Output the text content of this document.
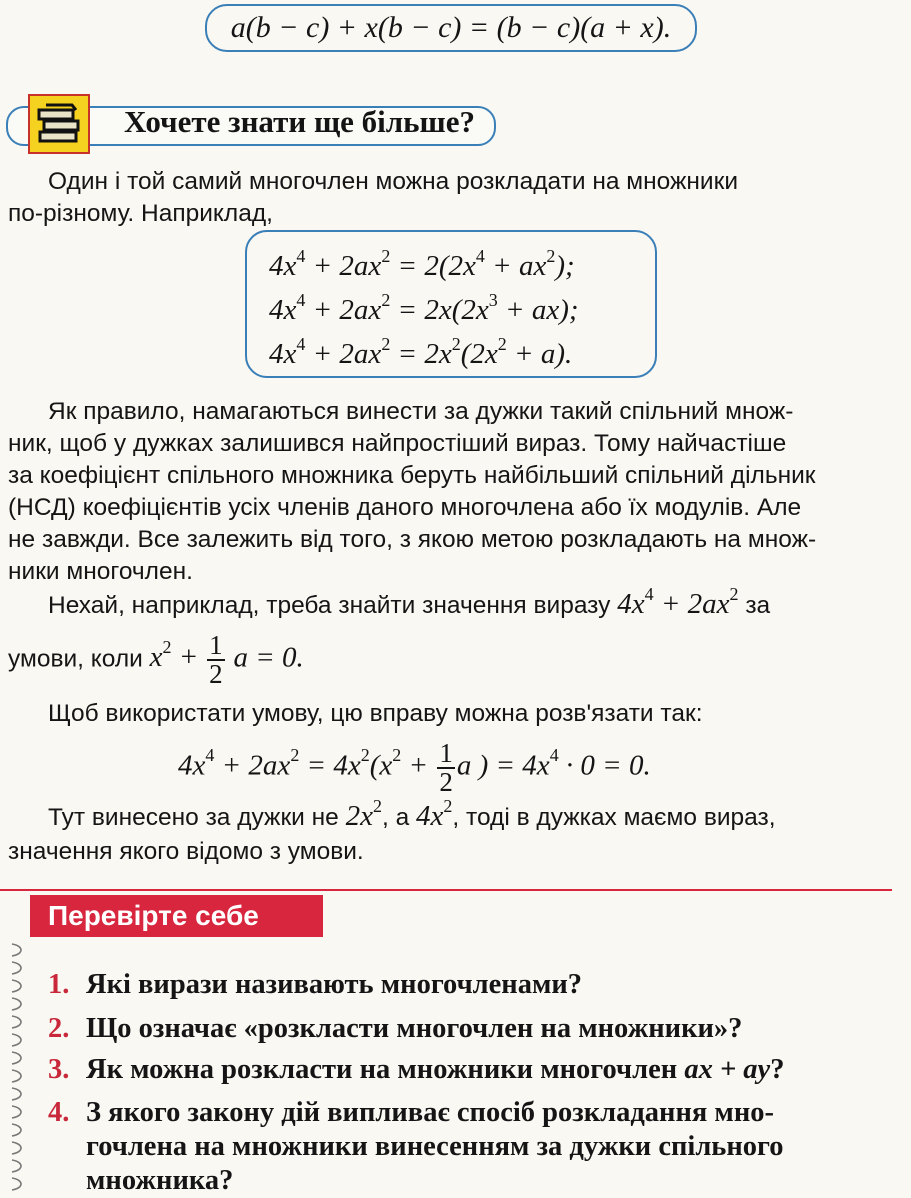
a(b − c) + x(b − c) = (b − c)(a + x).
Хочете знати ще більше?
Один і той самий многочлен можна розкладати на множники
по-різному. Наприклад,
$4x^4 + 2ax^2 = 2(2x^4 + ax^2)$;
$4x^4 + 2ax^2 = 2x(2x^3 + ax)$;
$4x^4 + 2ax^2 = 2x^2(2x^2 + a)$.
Як правило, намагаються винести за дужки такий спільний множ-
ник, щоб у дужках залишився найпростіший вираз. Тому найчастіше
за коефіцієнт спільного множника беруть найбільший спільний дільник
(НСД) коефіцієнтів усіх членів даного многочлена або їх модулів. Але
не завжди. Все залежить від того, з якою метою розкладають на множ-
ники многочлен.
Нехай, наприклад, треба знайти значення виразу $4x^4 + 2ax^2$ за
умови, коли $x^2 + \frac{1}{2}$ a = 0.
Щоб використати умову, цю вправу можна розв'язати так:
$4x^4 + 2ax^2 = 4x^2(x^2 + \frac{1}{2}$ a ) = $4x^4 \cdot 0 = 0$.
Тут винесено за дужки не $2x^2$, а $4x^2$, тоді в дужках маємо вираз,
значення якого відомо з умови.
Перевірте себе
1. Які вирази називають многочленами?
2. Що означає «розкласти многочлен на множники»?
3. Як можна розкласти на множники многочлен ax + ay?
4. З якого закону дій випливає спосіб розкладання мно-
гочлена на множники винесенням за дужки спільного
множника?
